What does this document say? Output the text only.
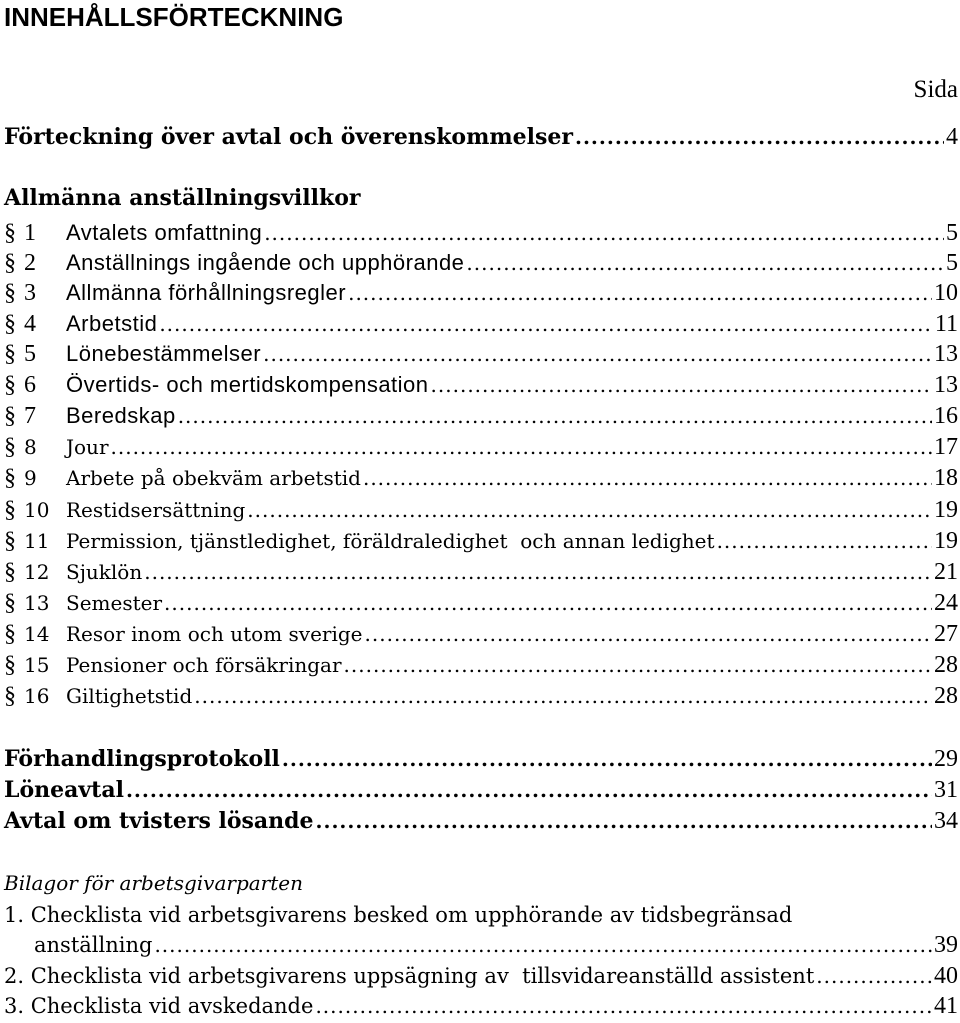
INNEHÅLLSFÖRTECKNING
Sida
Förteckning över avtal och överenskommelser .....	4
Allmänna anställningsvillkor
§ 1 Avtalets omfattning .....	5
§ 2 Anställnings ingående och upphörande .....	5
§ 3 Allmänna förhållningsregler .....	10
§ 4 Arbetstid .....	11
§ 5 Lönebestämmelser .....	13
§ 6 Övertids- och mertidskompensation .....	13
§ 7 Beredskap .....	16
§ 8 Jour .....	17
§ 9 Arbete på obekväm arbetstid .....	18
§ 10 Restidsersättning .....	19
§ 11 Permission, tjänstledighet, föräldraledighet  och annan ledighet .....	19
§ 12 Sjuklön .....	21
§ 13 Semester .....	24
§ 14 Resor inom och utom sverige .....	27
§ 15 Pensioner och försäkringar .....	28
§ 16 Giltighetstid .....	28
Förhandlingsprotokoll .....	29
Löneavtal .....	31
Avtal om tvisters lösande .....	34
Bilagor för arbetsgivarparten
1. Checklista vid arbetsgivarens besked om upphörande av tidsbegränsad
anställning .....	39
2. Checklista vid arbetsgivarens uppsägning av  tillsvidareanställd assistent .....	40
3. Checklista vid avskedande .....	41
